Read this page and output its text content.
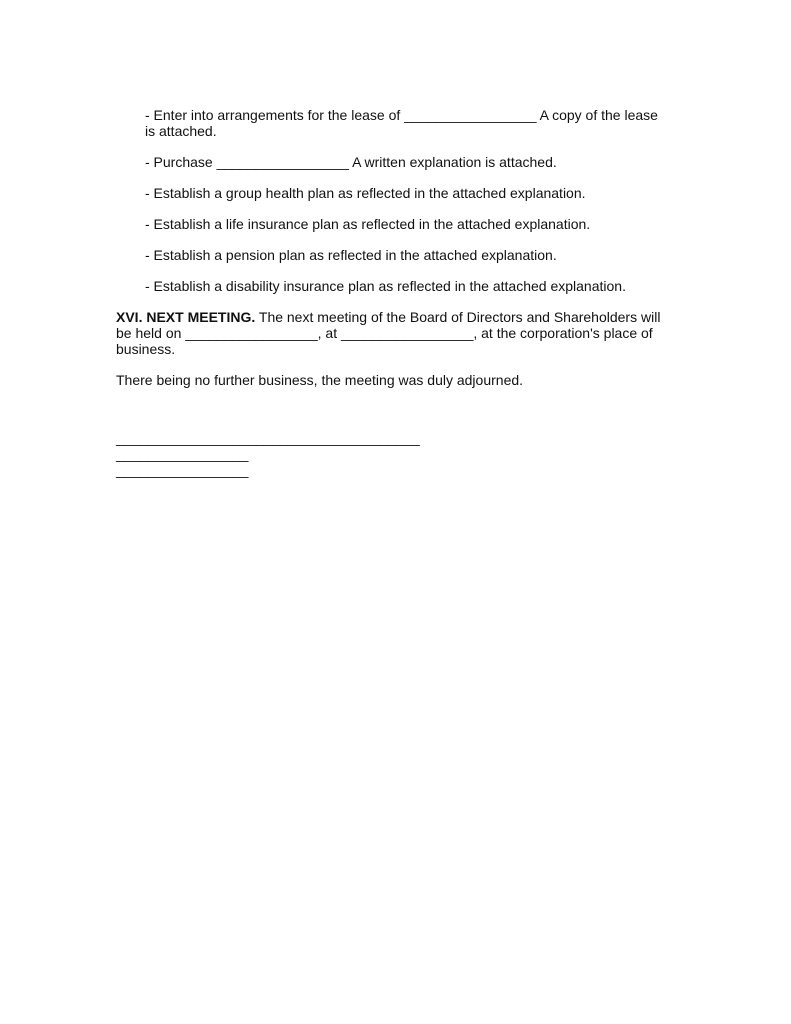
- Enter into arrangements for the lease of _________________ A copy of the lease is attached.
- Purchase _________________ A written explanation is attached.
- Establish a group health plan as reflected in the attached explanation.
- Establish a life insurance plan as reflected in the attached explanation.
- Establish a pension plan as reflected in the attached explanation.
- Establish a disability insurance plan as reflected in the attached explanation.
XVI. NEXT MEETING. The next meeting of the Board of Directors and Shareholders will be held on _________________, at _________________, at the corporation's place of business.
There being no further business, the meeting was duly adjourned.
_______________________________________
_________________
_________________
